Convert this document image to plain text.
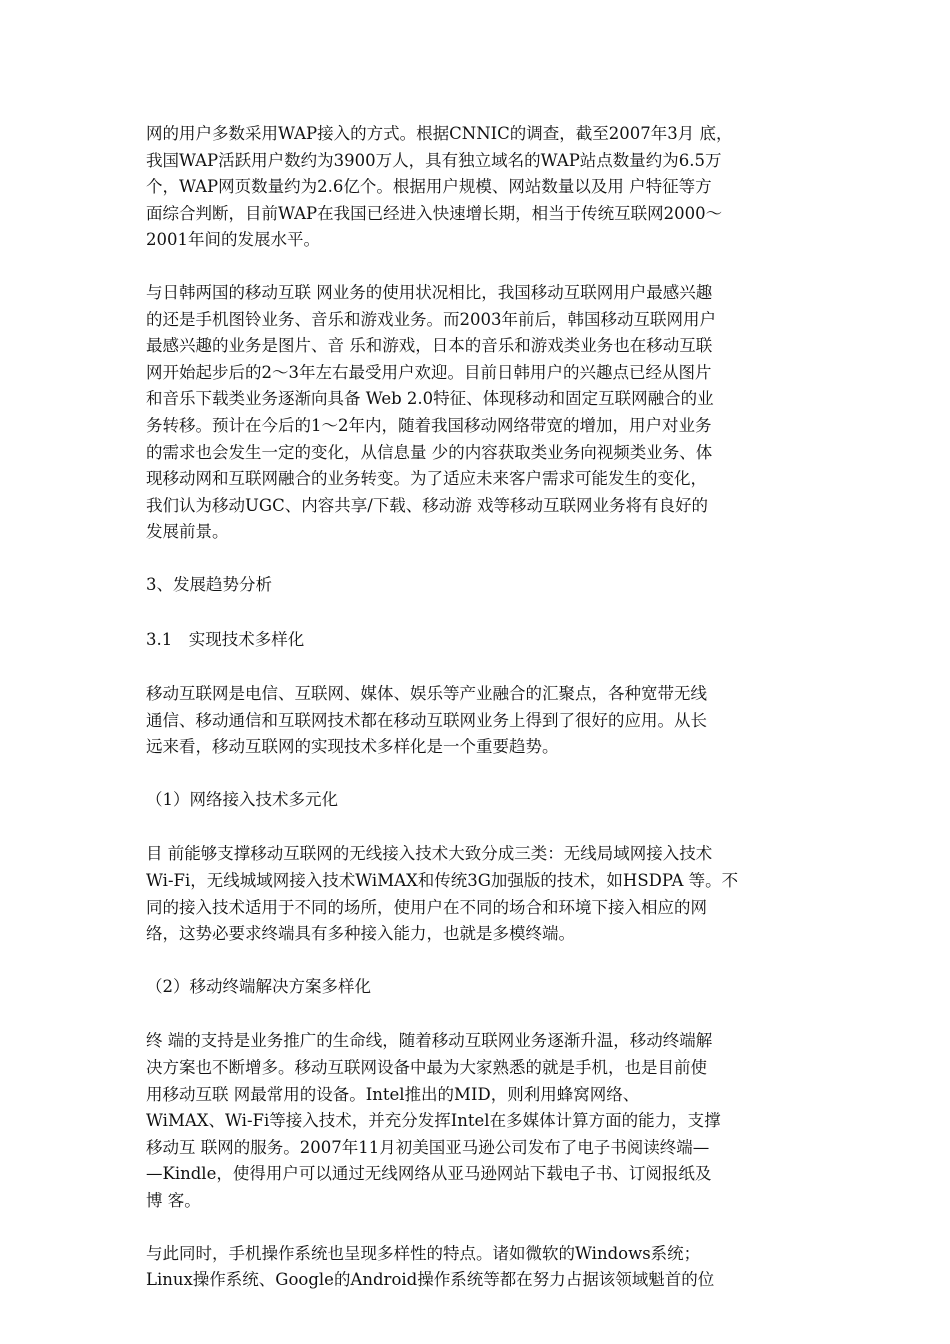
网的用户多数采用WAP接入的方式。根据CNNIC的调查，截至2007年3月 底，
我国WAP活跃用户数约为3900万人，具有独立域名的WAP站点数量约为6.5万
个，WAP网页数量约为2.6亿个。根据用户规模、网站数量以及用 户特征等方
面综合判断，目前WAP在我国已经进入快速增长期，相当于传统互联网2000～
2001年间的发展水平。
与日韩两国的移动互联 网业务的使用状况相比，我国移动互联网用户最感兴趣
的还是手机图铃业务、音乐和游戏业务。而2003年前后，韩国移动互联网用户
最感兴趣的业务是图片、音 乐和游戏，日本的音乐和游戏类业务也在移动互联
网开始起步后的2～3年左右最受用户欢迎。目前日韩用户的兴趣点已经从图片
和音乐下载类业务逐渐向具备 Web 2.0特征、体现移动和固定互联网融合的业
务转移。预计在今后的1～2年内，随着我国移动网络带宽的增加，用户对业务
的需求也会发生一定的变化，从信息量 少的内容获取类业务向视频类业务、体
现移动网和互联网融合的业务转变。为了适应未来客户需求可能发生的变化，
我们认为移动UGC、内容共享/下载、移动游 戏等移动互联网业务将有良好的
发展前景。
3、发展趋势分析
3.1　实现技术多样化
移动互联网是电信、互联网、媒体、娱乐等产业融合的汇聚点，各种宽带无线
通信、移动通信和互联网技术都在移动互联网业务上得到了很好的应用。从长
远来看，移动互联网的实现技术多样化是一个重要趋势。
（1）网络接入技术多元化
目 前能够支撑移动互联网的无线接入技术大致分成三类：无线局域网接入技术
Wi-Fi，无线城域网接入技术WiMAX和传统3G加强版的技术，如HSDPA 等。不
同的接入技术适用于不同的场所，使用户在不同的场合和环境下接入相应的网
络，这势必要求终端具有多种接入能力，也就是多模终端。
（2）移动终端解决方案多样化
终 端的支持是业务推广的生命线，随着移动互联网业务逐渐升温，移动终端解
决方案也不断增多。移动互联网设备中最为大家熟悉的就是手机，也是目前使
用移动互联 网最常用的设备。Intel推出的MID，则利用蜂窝网络、
WiMAX、Wi-Fi等接入技术，并充分发挥Intel在多媒体计算方面的能力，支撑
移动互 联网的服务。2007年11月初美国亚马逊公司发布了电子书阅读终端—
—Kindle，使得用户可以通过无线网络从亚马逊网站下载电子书、订阅报纸及
博 客。
与此同时，手机操作系统也呈现多样性的特点。诸如微软的Windows系统；
Linux操作系统、Google的Android操作系统等都在努力占据该领域魁首的位
